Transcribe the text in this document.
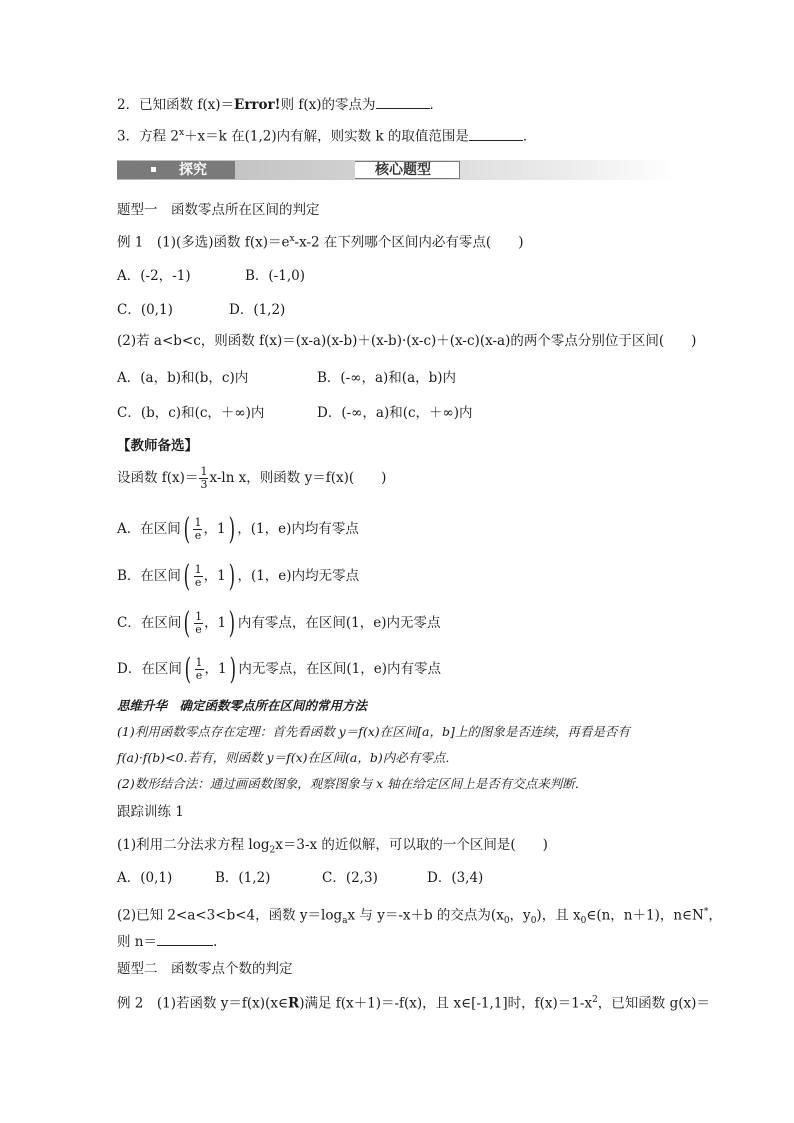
2．已知函数 f(x)＝Error!则 f(x)的零点为	．
3．方程 $2^x+x=k$ 在(1,2)内有解，则实数 k 的取值范围是	．
探究	核心题型
题型一　函数零点所在区间的判定
例 1　(1)(多选)函数 $f(x)=e^x-x-2$ 在下列哪个区间内必有零点(　　)
A．(-2，-1)	B．(-1,0)
C．(0,1)	D．(1,2)
(2)若 a<b<c，则函数 f(x)＝(x-a)(x-b)＋(x-b)·(x-c)＋(x-c)(x-a)的两个零点分别位于区间(　　)
A．(a，b)和(b，c)内	B．(-∞，a)和(a，b)内
C．(b，c)和(c，＋∞)内	D．(-∞，a)和(c，＋∞)内
【教师备选】
设函数 $f(x)= \frac{1}{3} x-\ln$ x，则函数 y＝f(x)(　　)
A．在区间( $\frac{1}{e}$ ，1) ，(1，e)内均有零点
B．在区间( $\frac{1}{e}$ ，1) ，(1，e)内均无零点
C．在区间( $\frac{1}{e}$ ，1) 内有零点，在区间(1，e)内无零点
D．在区间( $\frac{1}{e}$ ，1) 内无零点，在区间(1，e)内有零点
思维升华　确定函数零点所在区间的常用方法
(1)利用函数零点存在定理：首先看函数 y＝f(x)在区间[a，b]上的图象是否连续，再看是否有
f(a)·f(b)<0.若有，则函数 y＝f(x)在区间(a，b)内必有零点．
(2)数形结合法：通过画函数图象，观察图象与 x 轴在给定区间上是否有交点来判断．
跟踪训练 1
(1)利用二分法求方程 $\log_2x=3-x$ 的近似解，可以取的一个区间是(　　)
A．(0,1)	B．(1,2)	C．(2,3)	D．(3,4)
(2)已知 2<a<3<b<4，函数 $y=\log_ax$ 与 y＝-x＋b 的交点为($x_0$，$y_0$)，且 $x_0\in(n$，n＋1)，n∈N*，
则 n＝	.
题型二　函数零点个数的判定
例 2　(1)若函数 y＝f(x)(x∈R)满足 f(x＋1)＝-f(x)，且 x∈[-1,1]时，$f(x)=1-x^2$，已知函数 g(x)＝
